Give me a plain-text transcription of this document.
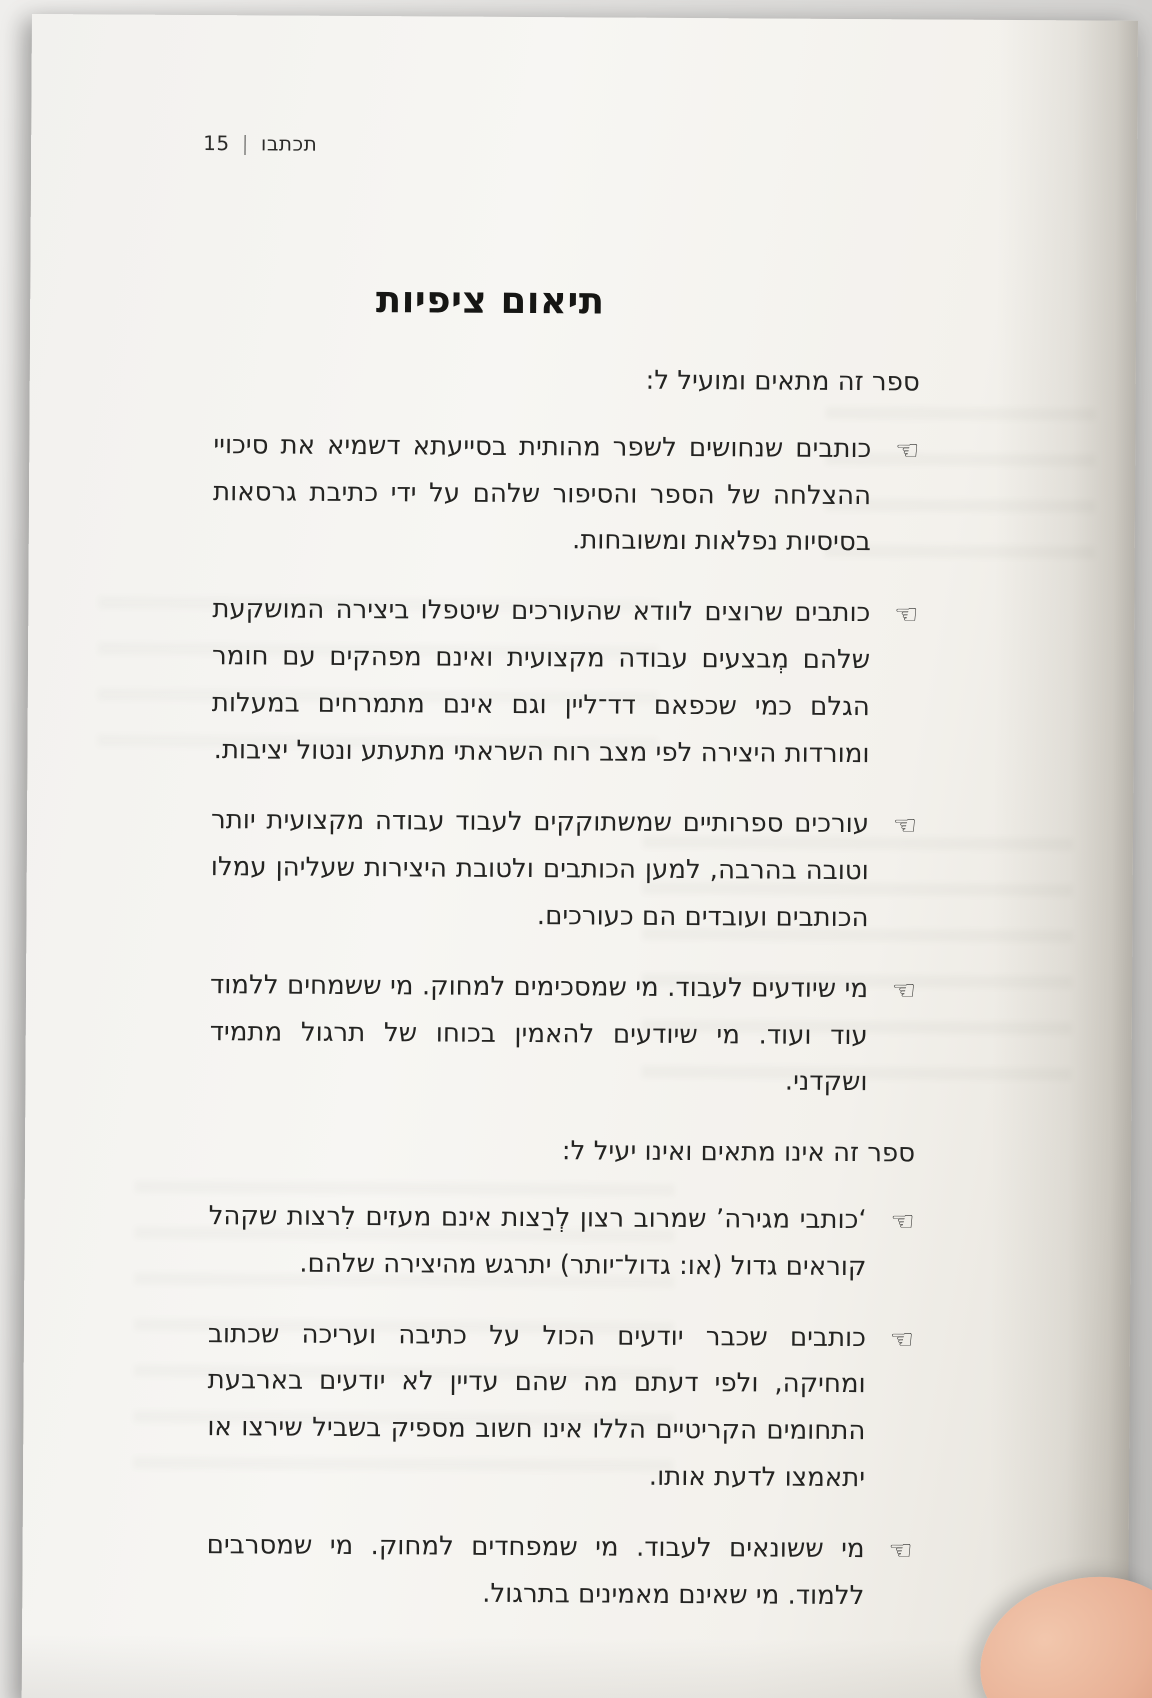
תכתבו|15
תיאום ציפיות

ספר זה מתאים ומועיל ל:

☜

כותבים שנחושים לשפר מהותית בסייעתא דשמיא את סיכויי ההצלחה של הספר והסיפור שלהם על ידי כתיבת גרסאות בסיסיות נפלאות ומשובחות.

☜

כותבים שרוצים לוודא שהעורכים שיטפלו ביצירה המושקעת שלהם מְבצעים עבודה מקצועית ואינם מפהקים עם חומר הגלם כמי שכפאם דד־ליין וגם אינם מתמרחים במעלות ומורדות היצירה לפי מצב רוח השראתי מתעתע ונטול יציבות.

☜

עורכים ספרותיים שמשתוקקים לעבוד עבודה מקצועית יותר וטובה בהרבה, למען הכותבים ולטובת היצירות שעליהן עמלו הכותבים ועובדים הם כעורכים.

☜

מי שיודעים לעבוד. מי שמסכימים למחוק. מי ששמחים ללמוד עוד ועוד. מי שיודעים להאמין בכוחו של תרגול מתמיד ושקדני.

ספר זה אינו מתאים ואינו יעיל ל:

☜

‘כותבי מגירה’ שמרוב רצון לְרַצות אינם מעזים לִרצות שקהל קוראים גדול (או: גדול־יותר) יתרגש מהיצירה שלהם.

☜

כותבים שכבר יודעים הכול על כתיבה ועריכה שכתוב ומחיקה, ולפי דעתם מה שהם עדיין לא יודעים בארבעת התחומים הקריטיים הללו אינו חשוב מספיק בשביל שירצו או יתאמצו לדעת אותו.

☜

מי ששונאים לעבוד. מי שמפחדים למחוק. מי שמסרבים ללמוד. מי שאינם מאמינים בתרגול.
